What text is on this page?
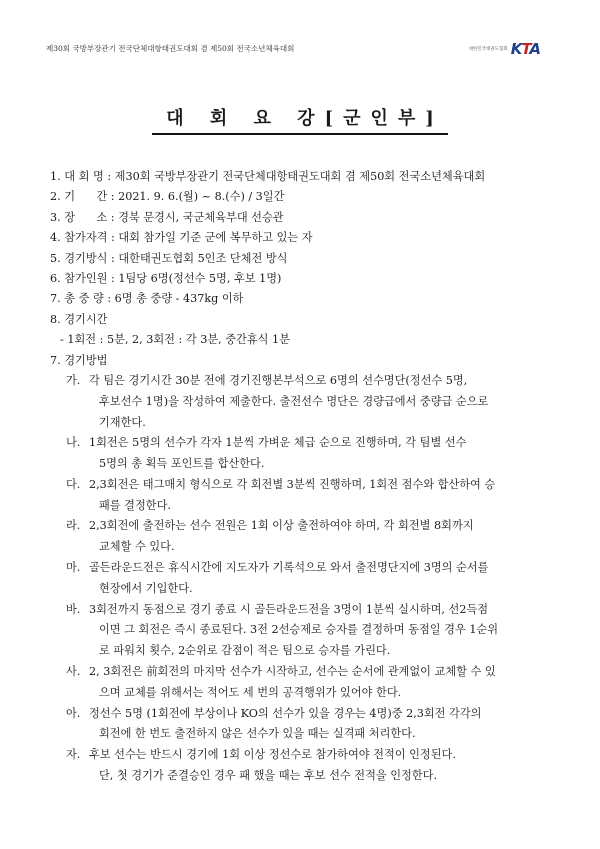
제30회 국방부장관기 전국단체대항태권도대회 겸 제50회 전국소년체육대회	대한민국태권도협회 KTA
대 회 요 강[군인부]
1. 대 회 명 : 제30회 국방부장관기 전국단체대항태권도대회 겸 제50회 전국소년체육대회
2. 기      간 : 2021. 9. 6.(월) ~ 8.(수) / 3일간
3. 장      소 : 경북 문경시, 국군체육부대 선승관
4. 참가자격 : 대회 참가일 기준 군에 복무하고 있는 자
5. 경기방식 : 대한태권도협회 5인조 단체전 방식
6. 참가인원 : 1팀당 6명(정선수 5명, 후보 1명)
7. 총 중 량 : 6명 총 중량 - 437kg 이하
8. 경기시간
- 1회전 : 5분, 2, 3회전 : 각 3분, 중간휴식 1분
7. 경기방법
가. 각 팀은 경기시간 30분 전에 경기진행본부석으로 6명의 선수명단(정선수 5명,
후보선수 1명)을 작성하여 제출한다. 출전선수 명단은 경량급에서 중량급 순으로
기재한다.
나. 1회전은 5명의 선수가 각자 1분씩 가벼운 체급 순으로 진행하며, 각 팀별 선수
5명의 총 획득 포인트를 합산한다.
다. 2,3회전은 태그매치 형식으로 각 회전별 3분씩 진행하며, 1회전 점수와 합산하여 승
패를 결정한다.
라. 2,3회전에 출전하는 선수 전원은 1회 이상 출전하여야 하며, 각 회전별 8회까지
교체할 수 있다.
마. 골든라운드전은 휴식시간에 지도자가 기록석으로 와서 출전명단지에 3명의 순서를
현장에서 기입한다.
바. 3회전까지 동점으로 경기 종료 시 골든라운드전을 3명이 1분씩 실시하며, 선2득점
이면 그 회전은 즉시 종료된다. 3전 2선승제로 승자를 결정하며 동점일 경우 1순위
로 파워치 횟수, 2순위로 감점이 적은 팀으로 승자를 가린다.
사. 2, 3회전은 前회전의 마지막 선수가 시작하고, 선수는 순서에 관계없이 교체할 수 있
으며 교체를 위해서는 적어도 세 번의 공격행위가 있어야 한다.
아. 정선수 5명 (1회전에 부상이나 KO의 선수가 있을 경우는 4명)중 2,3회전 각각의
회전에 한 번도 출전하지 않은 선수가 있을 때는 실격패 처리한다.
자. 후보 선수는 반드시 경기에 1회 이상 정선수로 참가하여야 전적이 인정된다.
단, 첫 경기가 준결승인 경우 패 했을 때는 후보 선수 전적을 인정한다.
